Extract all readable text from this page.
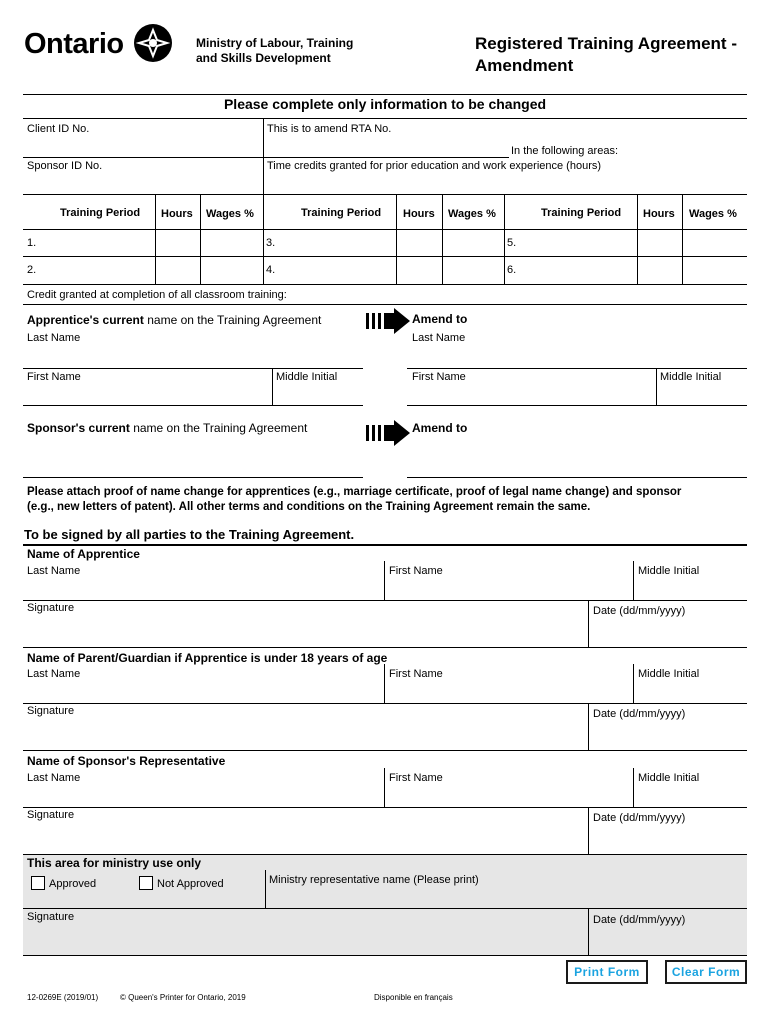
Ontario	Ministry of Labour, Training
and Skills Development
Registered Training Agreement -
Amendment
Please complete only information to be changed
Client ID No.	This is to amend RTA No.
In the following areas:
Sponsor ID No.	Time credits granted for prior education and work experience (hours)
Training Period Hours Wages %	Training Period Hours Wages %	Training Period Hours Wages %
1.	3.	5.
2.	4.	6.
Credit granted at completion of all classroom training:
Apprentice's current name on the Training Agreement	Amend to
Last Name	Last Name
First Name	Middle Initial	First Name	Middle Initial
Sponsor's current name on the Training Agreement	Amend to
Please attach proof of name change for apprentices (e.g., marriage certificate, proof of legal name change) and sponsor
(e.g., new letters of patent). All other terms and conditions on the Training Agreement remain the same.
To be signed by all parties to the Training Agreement.
Name of Apprentice
Last Name	First Name	Middle Initial
Signature	Date (dd/mm/yyyy)
Name of Parent/Guardian if Apprentice is under 18 years of age
Last Name	First Name	Middle Initial
Signature	Date (dd/mm/yyyy)
Name of Sponsor's Representative
Last Name	First Name	Middle Initial
Signature	Date (dd/mm/yyyy)
This area for ministry use only
Approved	Not Approved	Ministry representative name (Please print)
Signature	Date (dd/mm/yyyy)
Print Form	Clear Form
12-0269E (2019/01)	© Queen's Printer for Ontario, 2019	Disponible en français
